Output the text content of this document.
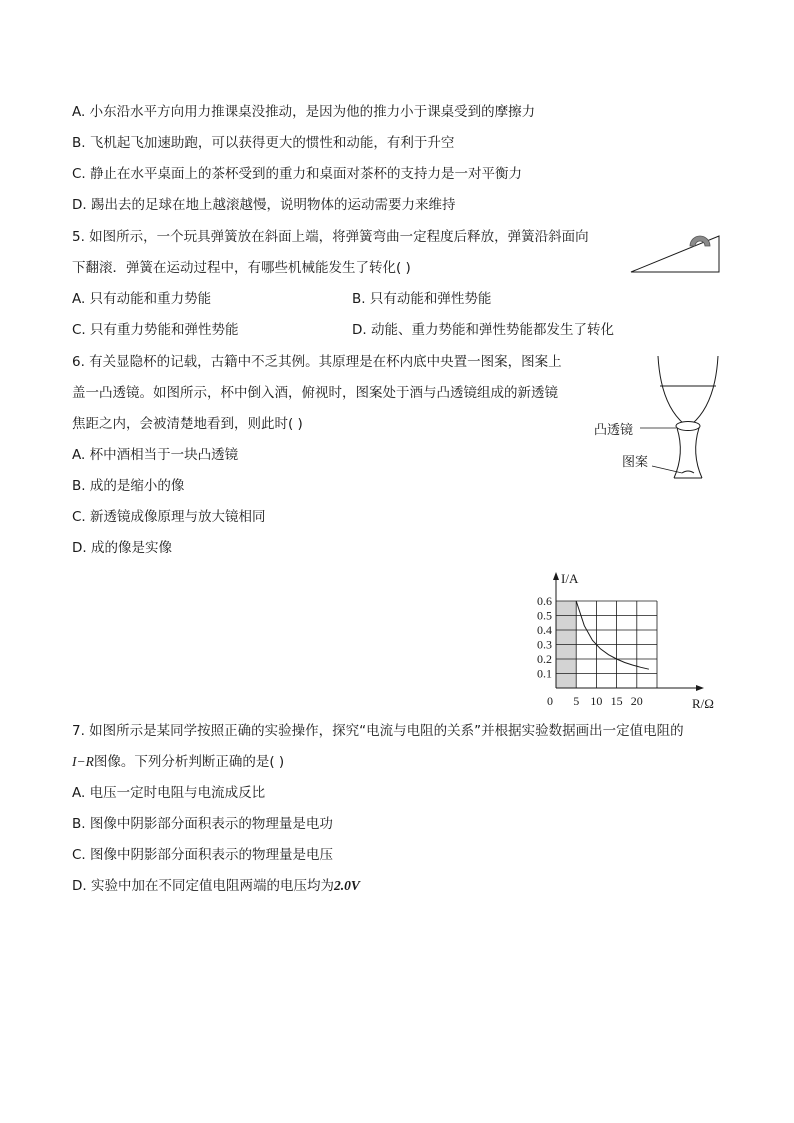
A. 小东沿水平方向用力推课桌没推动，是因为他的推力小于课桌受到的摩擦力
B. 飞机起飞加速助跑，可以获得更大的惯性和动能，有利于升空
C. 静止在水平桌面上的茶杯受到的重力和桌面对茶杯的支持力是一对平衡力
D. 踢出去的足球在地上越滚越慢，说明物体的运动需要力来维持
5. 如图所示，一个玩具弹簧放在斜面上端，将弹簧弯曲一定程度后释放，弹簧沿斜面向
下翻滚．弹簧在运动过程中，有哪些机械能发生了转化( )
A. 只有动能和重力势能	B. 只有动能和弹性势能
C. 只有重力势能和弹性势能	D. 动能、重力势能和弹性势能都发生了转化
6. 有关显隐杯的记载，古籍中不乏其例。其原理是在杯内底中央置一图案，图案上
盖一凸透镜。如图所示，杯中倒入酒，俯视时，图案处于酒与凸透镜组成的新透镜
焦距之内，会被清楚地看到，则此时( )
A. 杯中酒相当于一块凸透镜
B. 成的是缩小的像
C. 新透镜成像原理与放大镜相同
D. 成的像是实像
凸透镜
图案
0.1
0.2
0.3
0.4
0.5
0.6
0 5 10 15 20
I/A
R/Ω
7. 如图所示是某同学按照正确的实验操作，探究“电流与电阻的关系”并根据实验数据画出一定值电阻的
I−R图像。下列分析判断正确的是( )
A. 电压一定时电阻与电流成反比
B. 图像中阴影部分面积表示的物理量是电功
C. 图像中阴影部分面积表示的物理量是电压
D. 实验中加在不同定值电阻两端的电压均为2.0V
